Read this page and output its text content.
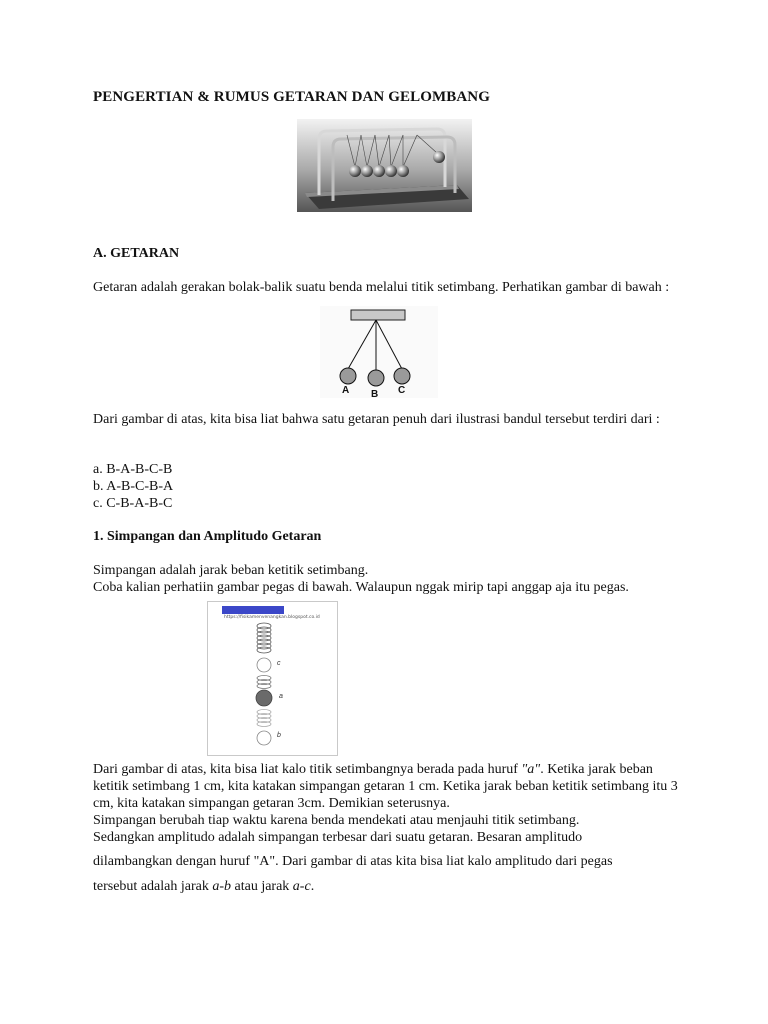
PENGERTIAN & RUMUS GETARAN DAN GELOMBANG
A. GETARAN
Getaran adalah gerakan bolak-balik suatu benda melalui titik setimbang. Perhatikan gambar di bawah :
A B C
Dari gambar di atas, kita bisa liat bahwa satu getaran penuh dari ilustrasi bandul tersebut terdiri dari :
a. B-A-B-C-B
b. A-B-C-B-A
c. C-B-A-B-C
1. Simpangan dan Amplitudo Getaran
Simpangan adalah jarak beban ketitik setimbang.
Coba kalian perhatiin gambar pegas di bawah. Walaupun nggak mirip tapi anggap aja itu pegas.
https://fisikamenvenangkan.blogspot.co.id
c
a
b
Dari gambar di atas, kita bisa liat kalo titik setimbangnya berada pada huruf "a". Ketika jarak beban ketitik setimbang 1 cm, kita katakan simpangan getaran 1 cm. Ketika jarak beban ketitik setimbang itu 3 cm, kita katakan simpangan getaran 3cm. Demikian seterusnya.
Simpangan berubah tiap waktu karena benda mendekati atau menjauhi titik setimbang.
Sedangkan amplitudo adalah simpangan terbesar dari suatu getaran. Besaran amplitudo
dilambangkan dengan huruf "A". Dari gambar di atas kita bisa liat kalo amplitudo dari pegas
tersebut adalah jarak a-b atau jarak a-c.
